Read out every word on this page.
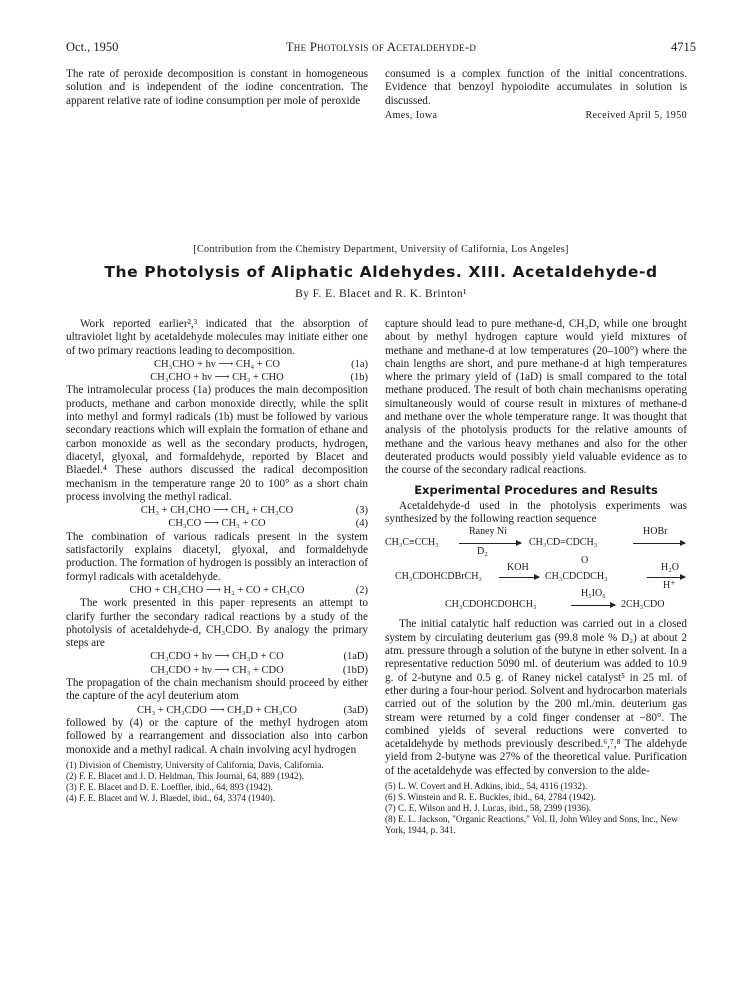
Oct., 1950	The Photolysis of Acetaldehyde-d	4715

The rate of peroxide decomposition is constant in homogeneous solution and is independent of the iodine concentration. The apparent relative rate of iodine consumption per mole of peroxide

consumed is a complex function of the initial concentrations. Evidence that benzoyl hypoiodite accumulates in solution is discussed.

Ames, Iowa	Received April 5, 1950
[Contribution from the Chemistry Department, University of California, Los Angeles]
The Photolysis of Aliphatic Aldehydes. XIII. Acetaldehyde-d
By F. E. Blacet and R. K. Brinton¹

Work reported earlier²,³ indicated that the absorption of ultraviolet light by acetaldehyde molecules may initiate either one of two primary reactions leading to decomposition.

CH₃CHO + hν ⟶ CH₄ + CO	(1a)
CH₃CHO + hν ⟶ CH₃ + CHO	(1b)

The intramolecular process (1a) produces the main decomposition products, methane and carbon monoxide directly, while the split into methyl and formyl radicals (1b) must be followed by various secondary reactions which will explain the formation of ethane and carbon monoxide as well as the secondary products, hydrogen, diacetyl, glyoxal, and formaldehyde, reported by Blacet and Blaedel.⁴ These authors discussed the radical decomposition mechanism in the temperature range 20 to 100° as a short chain process involving the methyl radical.

CH₃ + CH₃CHO ⟶ CH₄ + CH₃CO	(3)
CH₃CO ⟶ CH₃ + CO	(4)

The combination of various radicals present in the system satisfactorily explains diacetyl, glyoxal, and formaldehyde production. The formation of hydrogen is possibly an interaction of formyl radicals with acetaldehyde.

CHO + CH₃CHO ⟶ H₂ + CO + CH₃CO	(2)

The work presented in this paper represents an attempt to clarify further the secondary radical reactions by a study of the photolysis of acetaldehyde-d, CH₃CDO. By analogy the primary steps are

CH₃CDO + hν ⟶ CH₃D + CO	(1aD)
CH₃CDO + hν ⟶ CH₃ + CDO	(1bD)

The propagation of the chain mechanism should proceed by either the capture of the acyl deuterium atom

CH₃ + CH₃CDO ⟶ CH₃D + CH₃CO	(3aD)

followed by (4) or the capture of the methyl hydrogen atom followed by a rearrangement and dissociation also into carbon monoxide and a methyl radical. A chain involving acyl hydrogen

(1) Division of Chemistry, University of California, Davis, California.

(2) F. E. Blacet and J. D. Heldman, This Journal, 64, 889 (1942).

(3) F. E. Blacet and D. E. Loeffler, ibid., 64, 893 (1942).

(4) F. E. Blacet and W. J. Blaedel, ibid., 64, 3374 (1940).

capture should lead to pure methane-d, CH₃D, while one brought about by methyl hydrogen capture would yield mixtures of methane and methane-d at low temperatures (20–100°) where the chain lengths are short, and pure methane-d at high temperatures where the primary yield of (1aD) is small compared to the total methane produced. The result of both chain mechanisms operating simultaneously would of course result in mixtures of methane-d and methane over the whole temperature range. It was thought that analysis of the photolysis products for the relative amounts of methane and the various heavy methanes and also for the other deuterated products would possibly yield valuable evidence as to the course of the secondary radical reactions.

Experimental Procedures and Results

Acetaldehyde-d used in the photolysis experiments was synthesized by the following reaction sequence

CH₃C≡CCH₃
Raney Ni
D₂
CH₃CD=CDCH₃
HOBr
O
CH₃CDOHCDBrCH₃
KOH
→ CH₃CDCDCH₃
H₂O
H⁺
CH₃CDOHCDOHCH₃
H₅IO₆
2CH₃CDO

The initial catalytic half reduction was carried out in a closed system by circulating deuterium gas (99.8 mole % D₂) at about 2 atm. pressure through a solution of the butyne in ether solvent. In a representative reduction 5090 ml. of deuterium was added to 10.9 g. of 2-butyne and 0.5 g. of Raney nickel catalyst⁵ in 25 ml. of ether during a four-hour period. Solvent and hydrocarbon materials carried out of the solution by the 200 ml./min. deuterium gas stream were returned by a cold finger condenser at −80°. The combined yields of several reductions were converted to acetaldehyde by methods previously described.⁶,⁷,⁸ The aldehyde yield from 2-butyne was 27% of the theoretical value. Purification of the acetaldehyde was effected by conversion to the alde-

(5) L. W. Covert and H. Adkins, ibid., 54, 4116 (1932).

(6) S. Winstein and R. E. Buckles, ibid., 64, 2784 (1942).

(7) C. E. Wilson and H. J. Lucas, ibid., 58, 2399 (1936).

(8) E. L. Jackson, "Organic Reactions," Vol. II, John Wiley and Sons, Inc., New York, 1944, p. 341.
